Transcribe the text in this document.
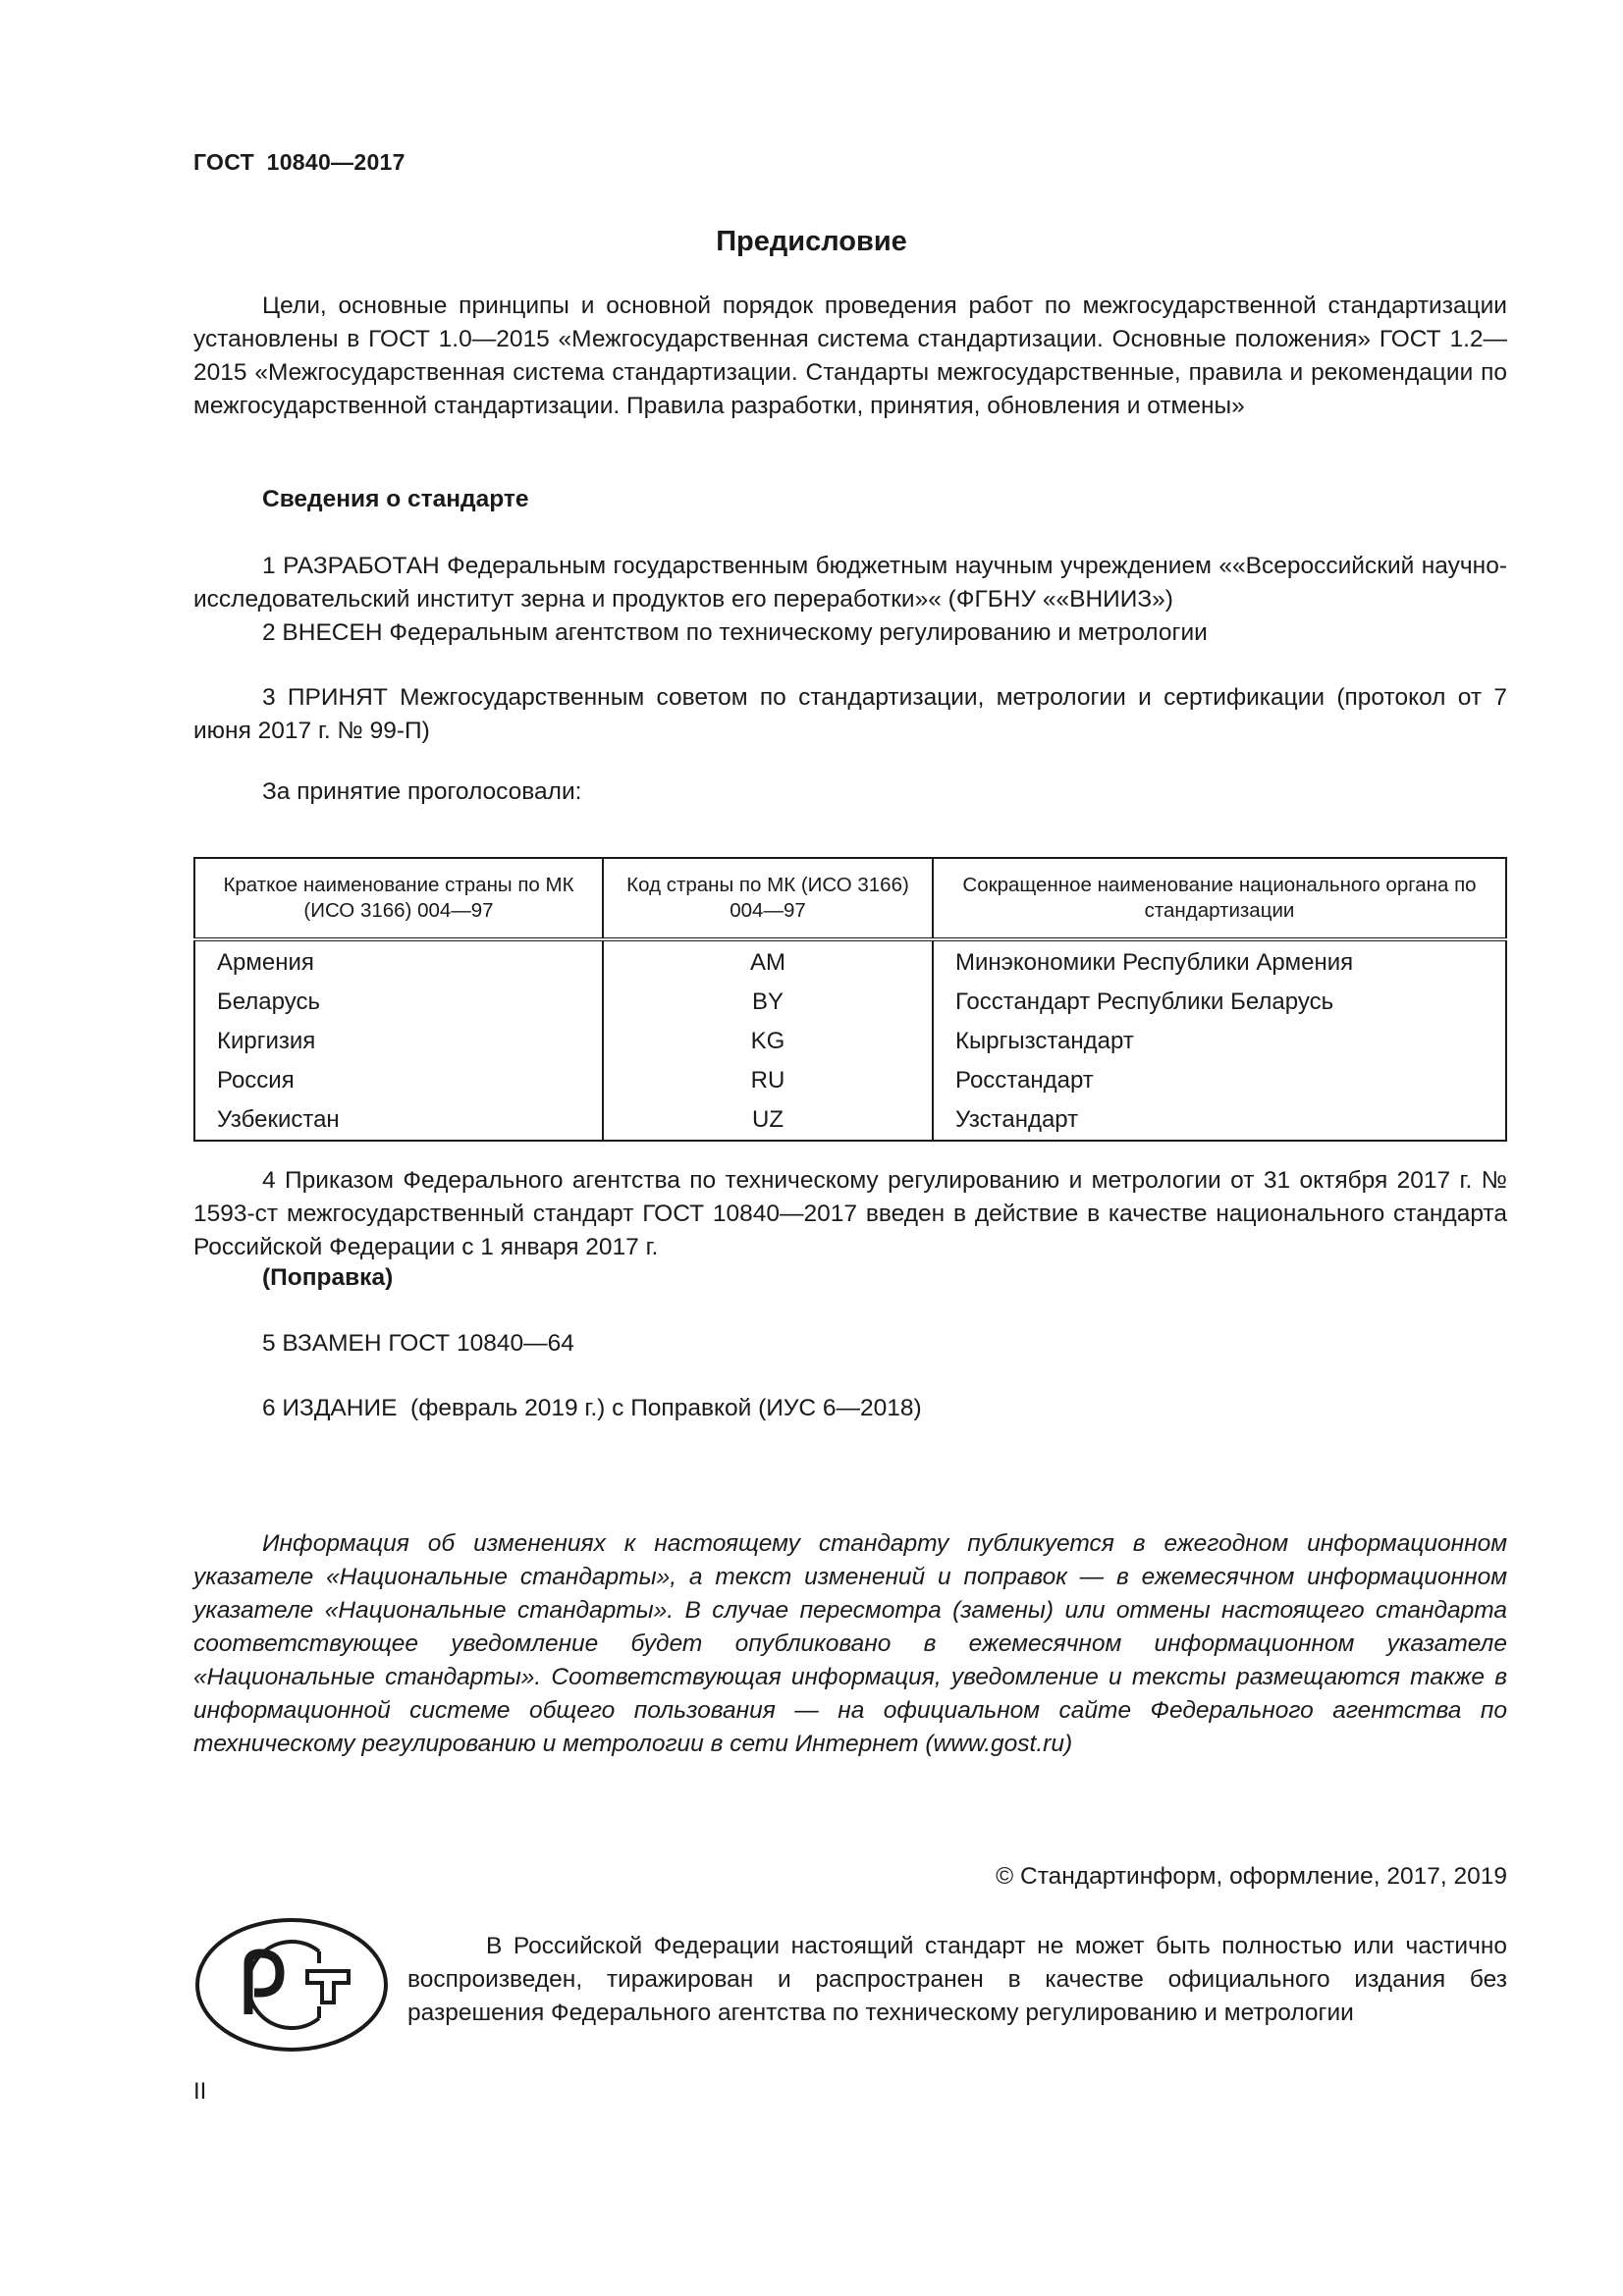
ГОСТ 10840—2017
Предисловие

Цели, основные принципы и основной порядок проведения работ по межгосударственной стандартизации установлены в ГОСТ 1.0—2015 «Межгосударственная система стандартизации. Основные положения» ГОСТ 1.2—2015 «Межгосударственная система стандартизации. Стандарты межгосударственные, правила и рекомендации по межгосударственной стандартизации. Правила разработки, принятия, обновления и отмены»

Сведения о стандарте

1 РАЗРАБОТАН Федеральным государственным бюджетным научным учреждением ««Всероссийский научно-исследовательский институт зерна и продуктов его переработки»« (ФГБНУ ««ВНИИЗ»)

2 ВНЕСЕН Федеральным агентством по техническому регулированию и метрологии

3 ПРИНЯТ Межгосударственным советом по стандартизации, метрологии и сертификации (протокол от 7 июня 2017 г. № 99-П)

За принятие проголосовали:

Краткое наименование страны по МК (ИСО 3166) 004—97	Код страны по МК (ИСО 3166) 004—97	Сокращенное наименование национального органа по стандартизации
Армения	AM	Минэкономики Республики Армения
Беларусь	BY	Госстандарт Республики Беларусь
Киргизия	KG	Кыргызстандарт
Россия	RU	Росстандарт
Узбекистан	UZ	Узстандарт

4 Приказом Федерального агентства по техническому регулированию и метрологии от 31 октября 2017 г. № 1593-ст межгосударственный стандарт ГОСТ 10840—2017 введен в действие в качестве национального стандарта Российской Федерации с 1 января 2017 г.

(Поправка)

5 ВЗАМЕН ГОСТ 10840—64

6 ИЗДАНИЕ  (февраль 2019 г.) с Поправкой (ИУС 6—2018)

Информация об изменениях к настоящему стандарту публикуется в ежегодном информационном указателе «Национальные стандарты», а текст изменений и поправок — в ежемесячном информационном указателе «Национальные стандарты». В случае пересмотра (замены) или отмены настоящего стандарта соответствующее уведомление будет опубликовано в ежемесячном информационном указателе «Национальные стандарты». Соответствующая информация, уведомление и тексты размещаются также в информационной системе общего пользования — на официальном сайте Федерального агентства по техническому регулированию и метрологии в сети Интернет (www.gost.ru)

© Стандартинформ, оформление, 2017, 2019

В Российской Федерации настоящий стандарт не может быть полностью или частично воспроизведен, тиражирован и распространен в качестве официального издания без разрешения Федерального агентства по техническому регулированию и метрологии

II
